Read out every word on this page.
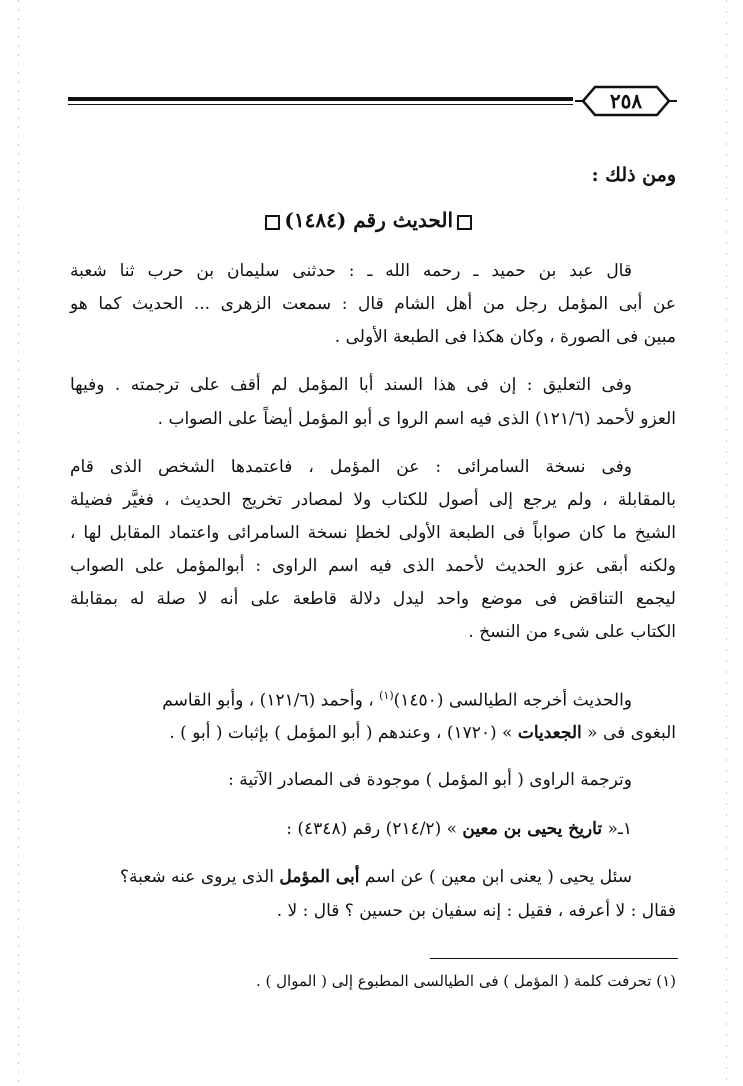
٢٥٨
ومن ذلك :
الحديث رقم (١٤٨٤)
قال عبد بن حميد ـ رحمه الله ـ : حدثنى سليمان بن حرب ثنا شعبة
عن أبى المؤمل رجل من أهل الشام قال : سمعت الزهرى ... الحديث كما هو
مبين فى الصورة ، وكان هكذا فى الطبعة الأولى .
وفى التعليق : إن فى هذا السند أبا المؤمل لم أقف على ترجمته . وفيها
العزو لأحمد (١٢١/٦) الذى فيه اسم الروا ى أبو المؤمل أيضاً على الصواب .
وفى نسخة السامرائى : عن المؤمل ، فاعتمدها الشخص الذى قام
بالمقابلة ، ولم يرجع إلى أصول للكتاب ولا لمصادر تخريج الحديث ، فغيَّر فضيلة
الشيخ ما كان صواباً فى الطبعة الأولى لخطإ نسخة السامرائى واعتماد المقابل لها ،
ولكنه أبقى عزو الحديث لأحمد الذى فيه اسم الراوى : أبوالمؤمل على الصواب
ليجمع التناقض فى موضع واحد ليدل دلالة قاطعة على أنه لا صلة له بمقابلة
الكتاب على شىء من النسخ .
والحديث أخرجه الطيالسى (١٤٥٠)$^{(١)}$ ، وأحمد (١٢١/٦) ، وأبو القاسم
البغوى فى « الجعديات » (١٧٢٠) ، وعندهم ( أبو المؤمل ) بإثبات ( أبو ) .
وترجمة الراوى ( أبو المؤمل ) موجودة فى المصادر الآتية :
١ـ« تاريخ يحيى بن معين » (٢١٤/٢) رقم (٤٣٤٨) :
سئل يحيى ( يعنى ابن معين ) عن اسم أبى المؤمل الذى يروى عنه شعبة؟
فقال : لا أعرفه ، فقيل : إنه سفيان بن حسين ؟ قال : لا .
(١) تحرفت كلمة ( المؤمل ) فى الطيالسى المطبوع إلى ( الموال ) .
